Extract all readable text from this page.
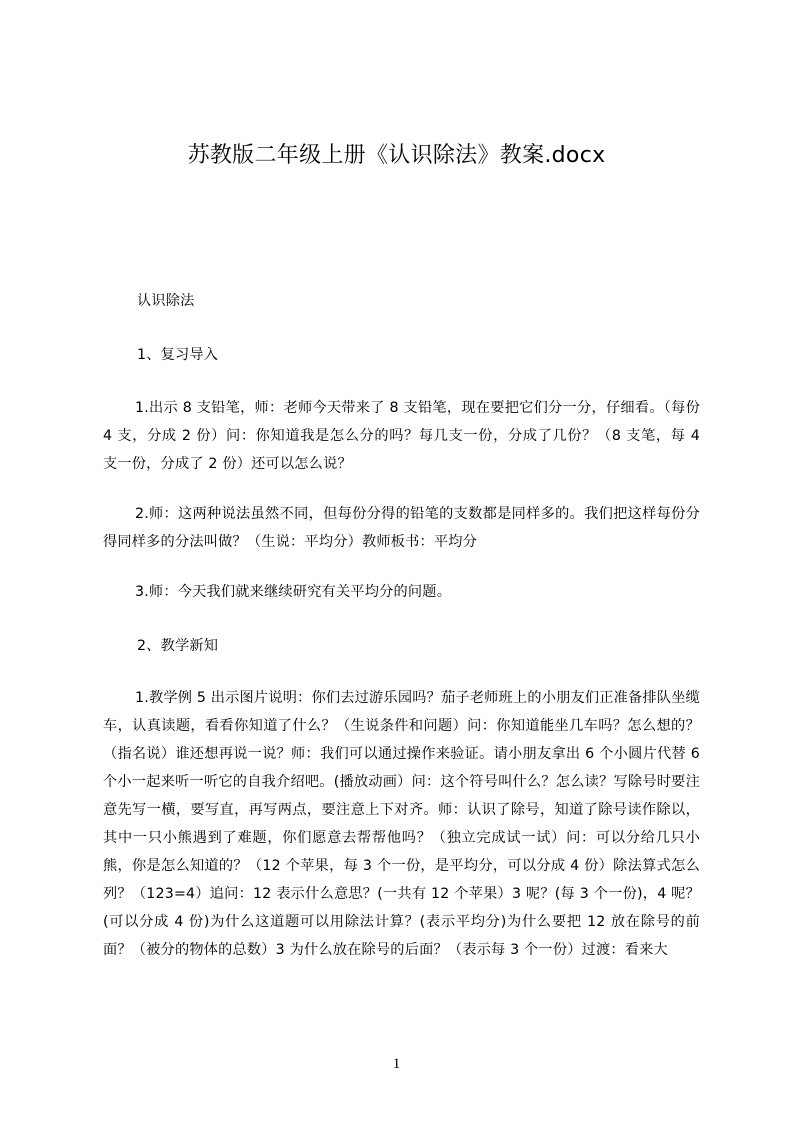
苏教版二年级上册《认识除法》教案.docx

认识除法

1、复习导入

1.出示 8 支铅笔，师：老师今天带来了 8 支铅笔，现在要把它们分一分，仔细看。（每份 4 支，分成 2 份）问：你知道我是怎么分的吗？每几支一份，分成了几份？（8 支笔，每 4 支一份，分成了 2 份）还可以怎么说？

2.师：这两种说法虽然不同，但每份分得的铅笔的支数都是同样多的。我们把这样每份分得同样多的分法叫做？（生说：平均分）教师板书：平均分

3.师：今天我们就来继续研究有关平均分的问题。

2、教学新知

1.教学例 5 出示图片说明：你们去过游乐园吗？茄子老师班上的小朋友们正准备排队坐缆车，认真读题，看看你知道了什么？（生说条件和问题）问：你知道能坐几车吗？怎么想的？（指名说）谁还想再说一说？师：我们可以通过操作来验证。请小朋友拿出 6 个小圆片代替 6 个小一起来听一听它的自我介绍吧。(播放动画）问：这个符号叫什么？怎么读？写除号时要注意先写一横，要写直，再写两点，要注意上下对齐。师：认识了除号，知道了除号读作除以，其中一只小熊遇到了难题，你们愿意去帮帮他吗？（独立完成试一试）问：可以分给几只小熊，你是怎么知道的？（12 个苹果，每 3 个一份，是平均分，可以分成 4 份）除法算式怎么列？（123=4）追问：12 表示什么意思？(一共有 12 个苹果）3 呢？(每 3 个一份)，4 呢？(可以分成 4 份)为什么这道题可以用除法计算？(表示平均分)为什么要把 12 放在除号的前面？（被分的物体的总数）3 为什么放在除号的后面？（表示每 3 个一份）过渡：看来大

1
